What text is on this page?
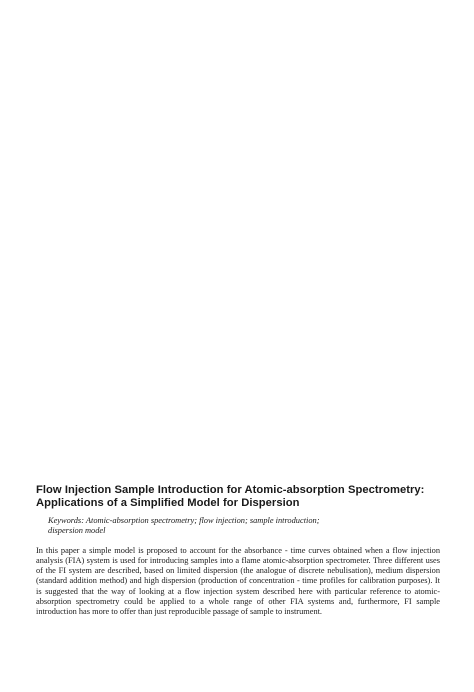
Flow Injection Sample Introduction for Atomic-absorption Spectrometry: Applications of a Simplified Model for Dispersion

Keywords: Atomic-absorption spectrometry; flow injection; sample introduction; dispersion model

In this paper a simple model is proposed to account for the absorbance - time curves obtained when a flow injection analysis (FIA) system is used for introducing samples into a flame atomic-absorption spectrometer. Three different uses of the FI system are described, based on limited dispersion (the analogue of discrete nebulisation), medium dispersion (standard addition method) and high dispersion (production of concentration - time profiles for calibration purposes). It is suggested that the way of looking at a flow injection system described here with particular reference to atomic-absorption spectrometry could be applied to a whole range of other FIA systems and, furthermore, FI sample introduction has more to offer than just reproducible passage of sample to instrument.
